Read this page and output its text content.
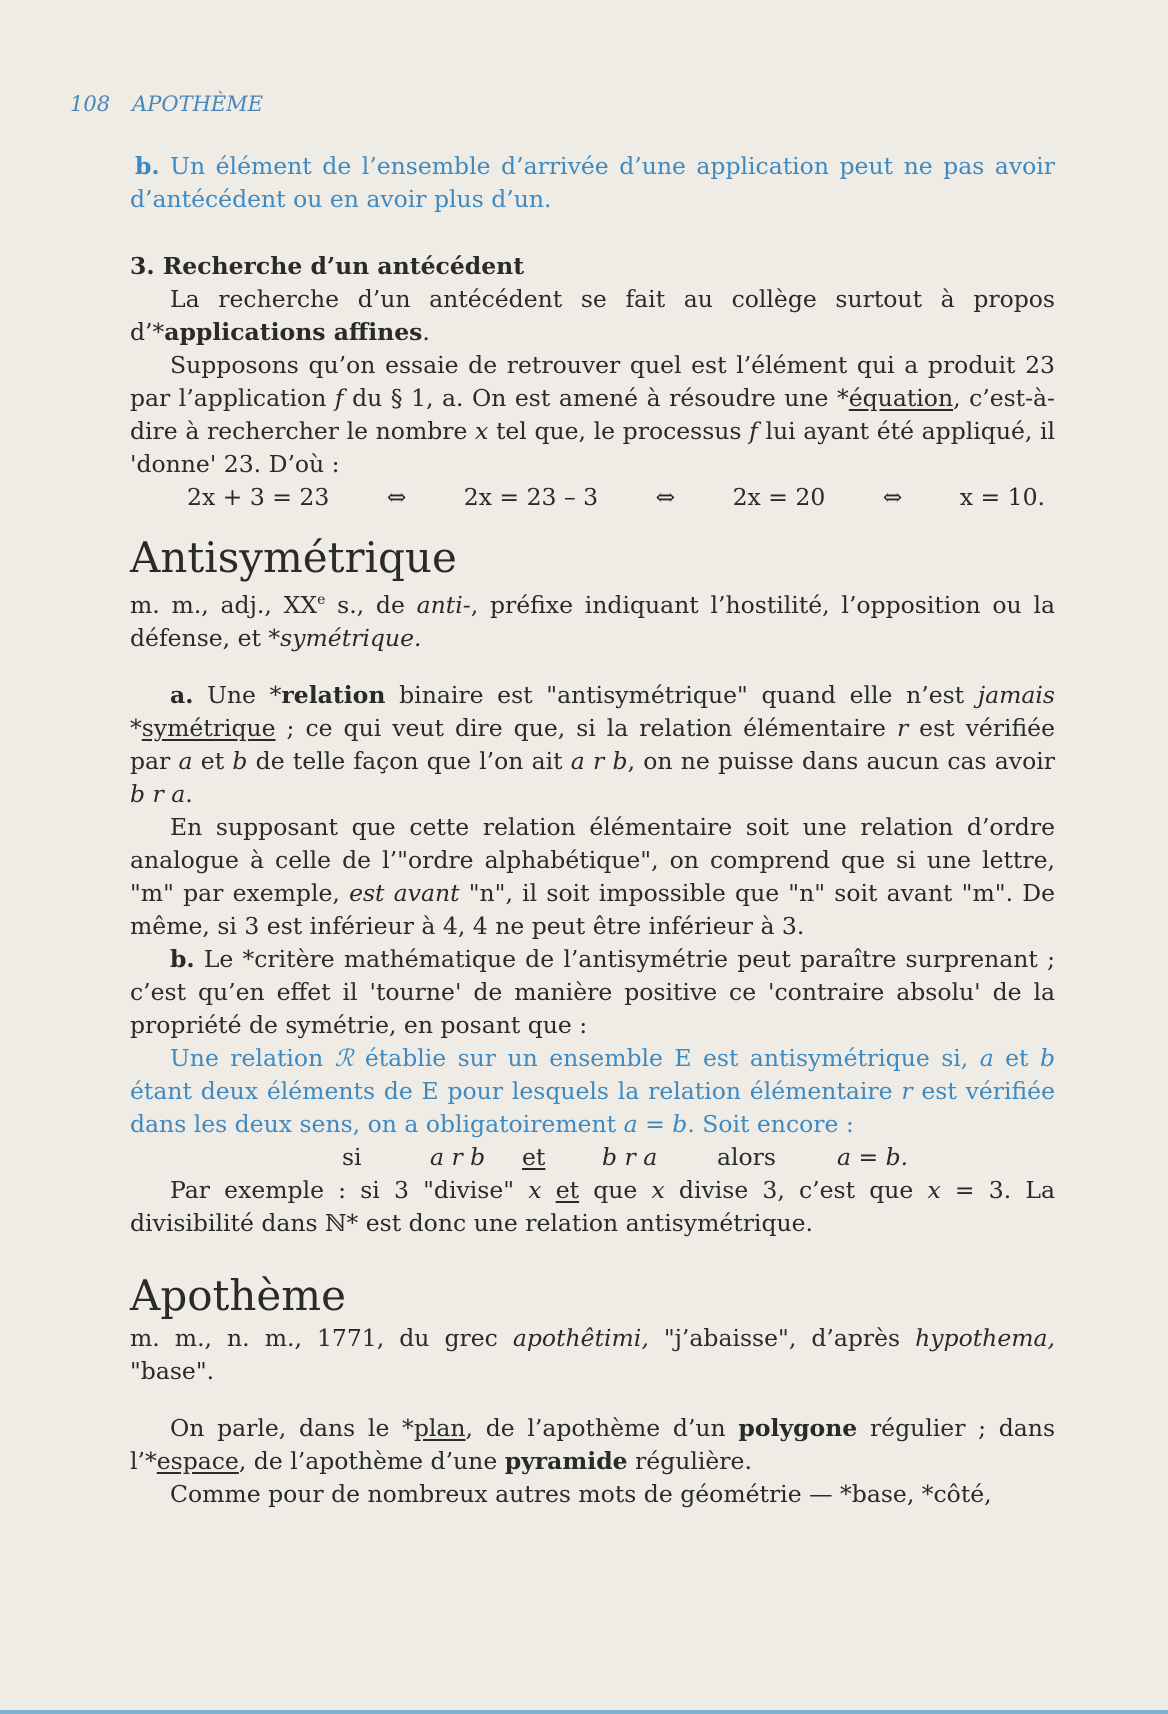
108 APOTHÈME

b. Un élément de l’ensemble d’arrivée d’une application peut ne pas avoir d’antécédent ou en avoir plus d’un.

3. Recherche d’un antécédent

La recherche d’un antécédent se fait au collège surtout à propos d’*applications affines.

Supposons qu’on essaie de retrouver quel est l’élément qui a produit 23 par l’application f du § 1, a. On est amené à résoudre une *équation, c’est-à-dire à rechercher le nombre x tel que, le processus f lui ayant été appliqué, il 'donne' 23. D’où :

2x + 3 = 23 ⇔ 2x = 23 – 3 ⇔ 2x = 20 ⇔ x = 10.
Antisymétrique

m. m., adj., XXe s., de anti-, préfixe indiquant l’hostilité, l’opposition ou la défense, et *symétrique.

a. Une *relation binaire est "antisymétrique" quand elle n’est jamais *symétrique ; ce qui veut dire que, si la relation élémentaire r est vérifiée par a et b de telle façon que l’on ait a r b, on ne puisse dans aucun cas avoir b r a.

En supposant que cette relation élémentaire soit une relation d’ordre analogue à celle de l’"ordre alphabétique", on comprend que si une lettre, "m" par exemple, est avant "n", il soit impossible que "n" soit avant "m". De même, si 3 est inférieur à 4, 4 ne peut être inférieur à 3.

b. Le *critère mathématique de l’antisymétrie peut paraître surprenant ; c’est qu’en effet il 'tourne' de manière positive ce 'contraire absolu' de la propriété de symétrie, en posant que :

Une relation ℛ établie sur un ensemble E est antisymétrique si, a et b étant deux éléments de E pour lesquels la relation élémentaire r est vérifiée dans les deux sens, on a obligatoirement a = b. Soit encore :

si	a r b	et	b r a	alors	a = b.

Par exemple : si 3 "divise" x et que x divise 3, c’est que x = 3. La divisibilité dans ℕ* est donc une relation antisymétrique.

Apothème

m. m., n. m., 1771, du grec apothêtimi, "j’abaisse", d’après hypothema, "base".

On parle, dans le *plan, de l’apothème d’un polygone régulier ; dans l’*espace, de l’apothème d’une pyramide régulière.

Comme pour de nombreux autres mots de géométrie — *base, *côté,
